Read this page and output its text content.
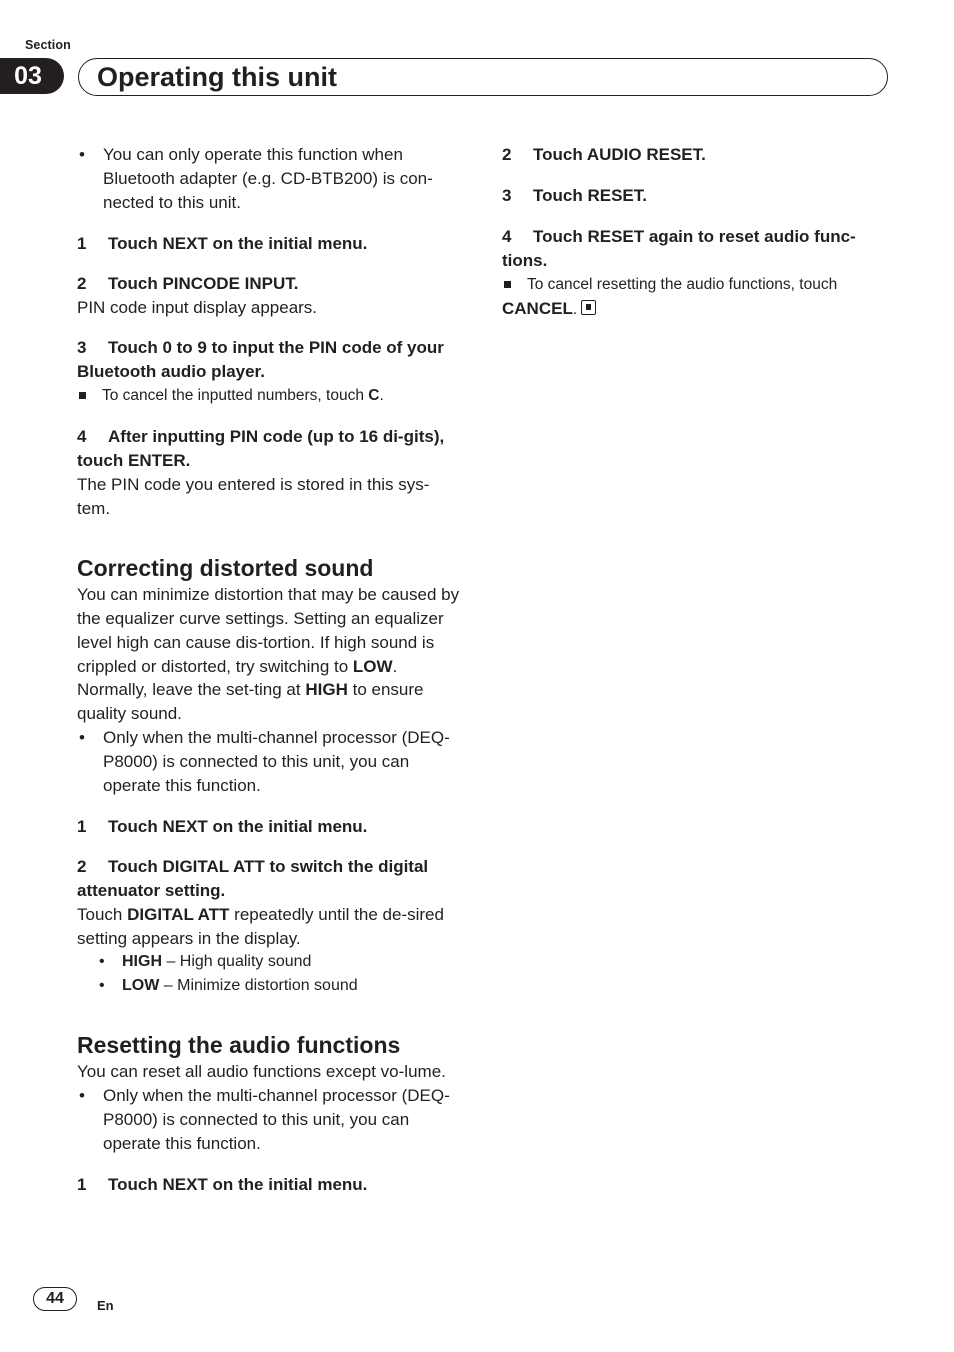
Section
03	Operating this unit
• You can only operate this function when Bluetooth adapter (e.g. CD-BTB200) is con-nected to this unit.
1 Touch NEXT on the initial menu.
2 Touch PINCODE INPUT.

PIN code input display appears.

3 Touch 0 to 9 to input the PIN code of your Bluetooth audio player.
To cancel the inputted numbers, touch C.
4 After inputting PIN code (up to 16 di-gits), touch ENTER.

The PIN code you entered is stored in this sys-tem.

Correcting distorted sound

You can minimize distortion that may be caused by the equalizer curve settings. Setting an equalizer level high can cause dis-tortion. If high sound is crippled or distorted, try switching to LOW. Normally, leave the set-ting at HIGH to ensure quality sound.

• Only when the multi-channel processor (DEQ-P8000) is connected to this unit, you can operate this function.
1 Touch NEXT on the initial menu.
2 Touch DIGITAL ATT to switch the digital attenuator setting.

Touch DIGITAL ATT repeatedly until the de-sired setting appears in the display.

• HIGH – High quality sound
• LOW – Minimize distortion sound
Resetting the audio functions

You can reset all audio functions except vo-lume.

• Only when the multi-channel processor (DEQ-P8000) is connected to this unit, you can operate this function.
1 Touch NEXT on the initial menu.
2 Touch AUDIO RESET.
3 Touch RESET.
4 Touch RESET again to reset audio func-tions.
To cancel resetting the audio functions, touch

CANCEL.

44	En
